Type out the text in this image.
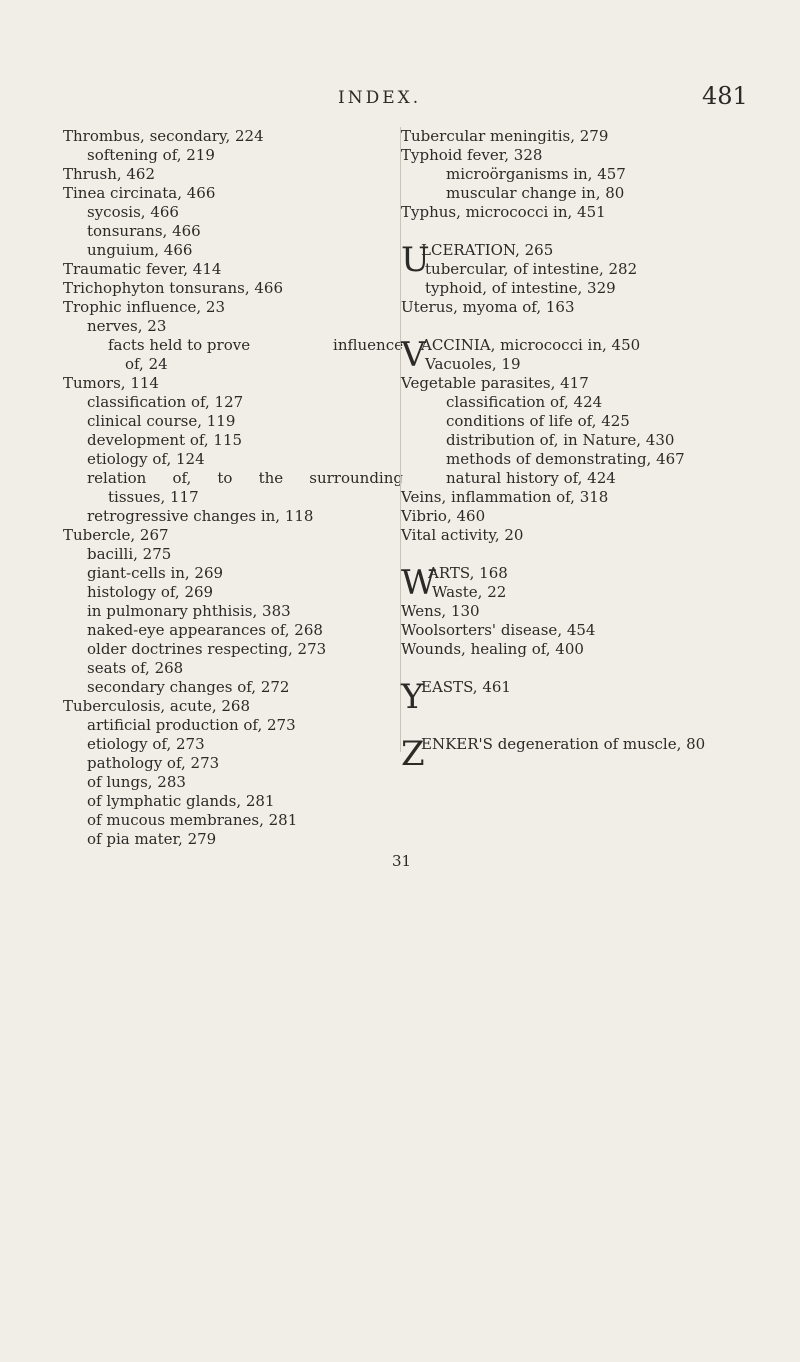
INDEX.	481
Thrombus, secondary, 224
softening of, 219
Thrush, 462
Tinea circinata, 466
sycosis, 466
tonsurans, 466
unguium, 466
Traumatic fever, 414
Trichophyton tonsurans, 466
Trophic influence, 23
nerves, 23
facts held to prove	influence
of, 24
Tumors, 114
classification of, 127
clinical course, 119
development of, 115
etiology of, 124
relation of, to the surrounding
tissues, 117
retrogressive changes in, 118
Tubercle, 267
bacilli, 275
giant-cells in, 269
histology of, 269
in pulmonary phthisis, 383
naked-eye appearances of, 268
older doctrines respecting, 273
seats of, 268
secondary changes of, 272
Tuberculosis, acute, 268
artificial production of, 273
etiology of, 273
pathology of, 273
of lungs, 283
of lymphatic glands, 281
of mucous membranes, 281
of pia mater, 279
Tubercular meningitis, 279
Typhoid fever, 328
microörganisms in, 457
muscular change in, 80
Typhus, micrococci in, 451
U
LCERATION, 265
tubercular, of intestine, 282
typhoid, of intestine, 329
Uterus, myoma of, 163
V
ACCINIA, micrococci in, 450
Vacuoles, 19
Vegetable parasites, 417
classification of, 424
conditions of life of, 425
distribution of, in Nature, 430
methods of demonstrating, 467
natural history of, 424
Veins, inflammation of, 318
Vibrio, 460
Vital activity, 20
W
ARTS, 168
Waste, 22
Wens, 130
Woolsorters' disease, 454
Wounds, healing of, 400
Y
EASTS, 461

Z
ENKER'S degeneration of muscle, 80

31
